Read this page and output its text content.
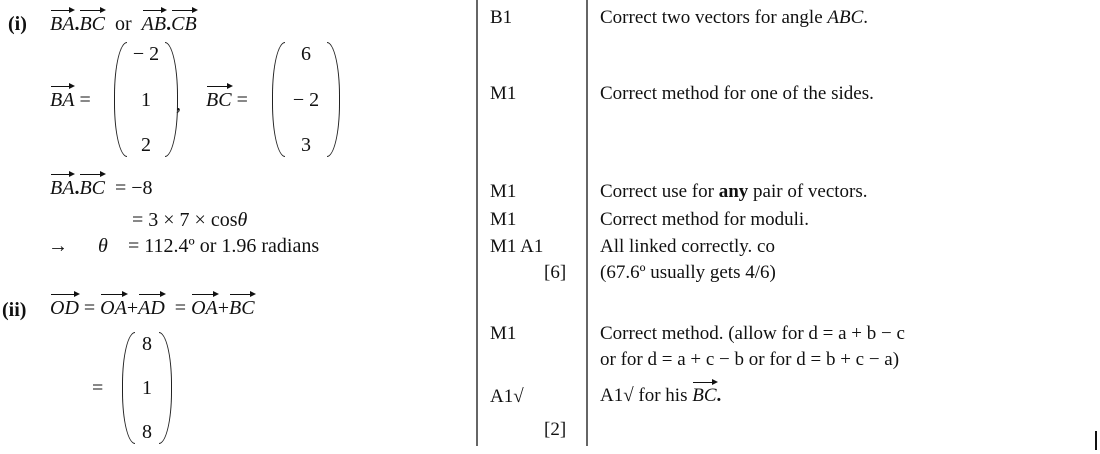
(i) BA.BC or AB.CB
BA =
− 2
1
2
, BC =
6
− 2
3
BA.BC = −8
= 3 × 7 × cosθ
→ θ = 112.4º or 1.96 radians
(ii) OD = OA+AD = OA+BC
=
8
1
8
B1
M1
M1
M1
M1 A1
[6]
M1
A1√
[2]
Correct two vectors for angle ABC.
Correct method for one of the sides.
Correct use for any pair of vectors.
Correct method for moduli.
All linked correctly. co
(67.6º usually gets 4/6)
Correct method. (allow for d = a + b − c
or for d = a + c − b or for d = b + c − a)
A1√ for his BC.
